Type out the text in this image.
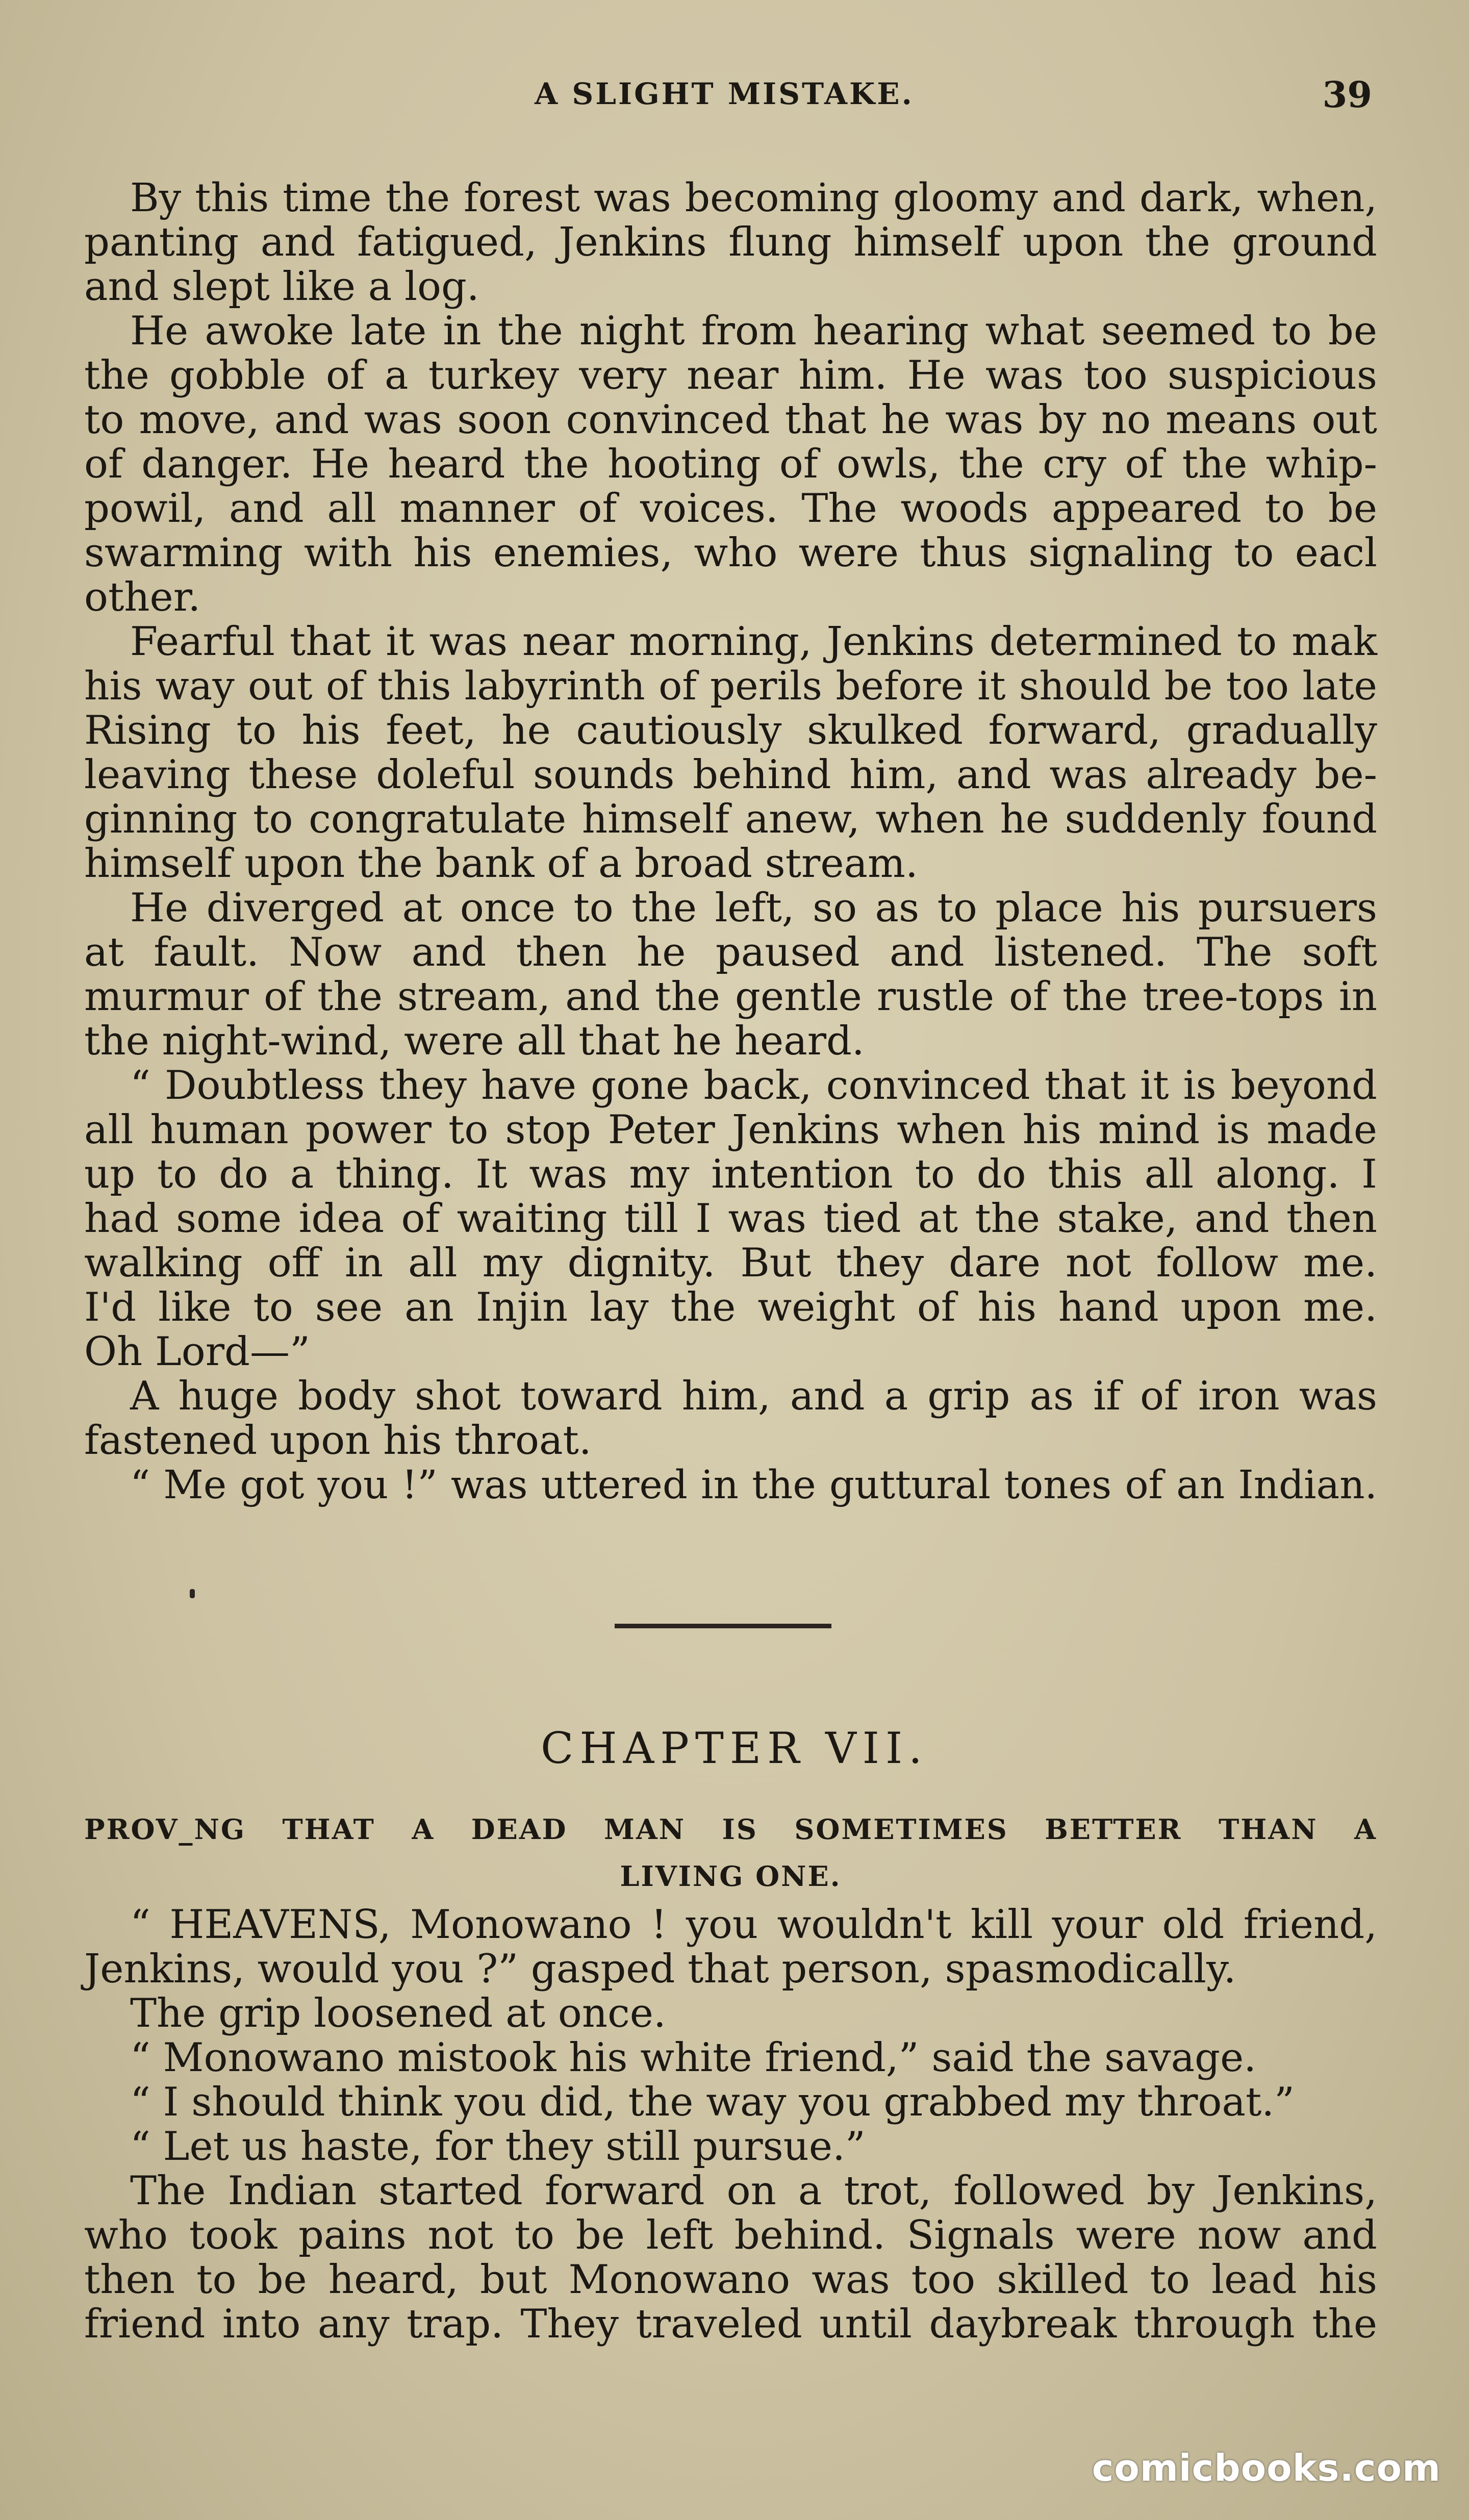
A SLIGHT MISTAKE.	39
By this time the forest was becoming gloomy and dark, when,
panting and fatigued, Jenkins flung himself upon the ground
and slept like a log.
He awoke late in the night from hearing what seemed to be
the gobble of a turkey very near him. He was too suspicious
to move, and was soon convinced that he was by no means out
of danger. He heard the hooting of owls, the cry of the whip-
powil, and all manner of voices. The woods appeared to be
swarming with his enemies, who were thus signaling to eacl
other.
Fearful that it was near morning, Jenkins determined to mak
his way out of this labyrinth of perils before it should be too late
Rising to his feet, he cautiously skulked forward, gradually
leaving these doleful sounds behind him, and was already be-
ginning to congratulate himself anew, when he suddenly found
himself upon the bank of a broad stream.
He diverged at once to the left, so as to place his pursuers
at fault. Now and then he paused and listened. The soft
murmur of the stream, and the gentle rustle of the tree-tops in
the night-wind, were all that he heard.
“ Doubtless they have gone back, convinced that it is beyond
all human power to stop Peter Jenkins when his mind is made
up to do a thing. It was my intention to do this all along. I
had some idea of waiting till I was tied at the stake, and then
walking off in all my dignity. But they dare not follow me.
I'd like to see an Injin lay the weight of his hand upon me.
Oh Lord—”
A huge body shot toward him, and a grip as if of iron was
fastened upon his throat.
“ Me got you !” was uttered in the guttural tones of an Indian.
CHAPTER VII.
PROV_NG THAT A DEAD MAN IS SOMETIMES BETTER THAN A
LIVING ONE.
“ HEAVENS, Monowano ! you wouldn't kill your old friend,
Jenkins, would you ?” gasped that person, spasmodically.
The grip loosened at once.
“ Monowano mistook his white friend,” said the savage.
“ I should think you did, the way you grabbed my throat.”
“ Let us haste, for they still pursue.”
The Indian started forward on a trot, followed by Jenkins,
who took pains not to be left behind. Signals were now and
then to be heard, but Monowano was too skilled to lead his
friend into any trap. They traveled until daybreak through the
comicbooks.com
